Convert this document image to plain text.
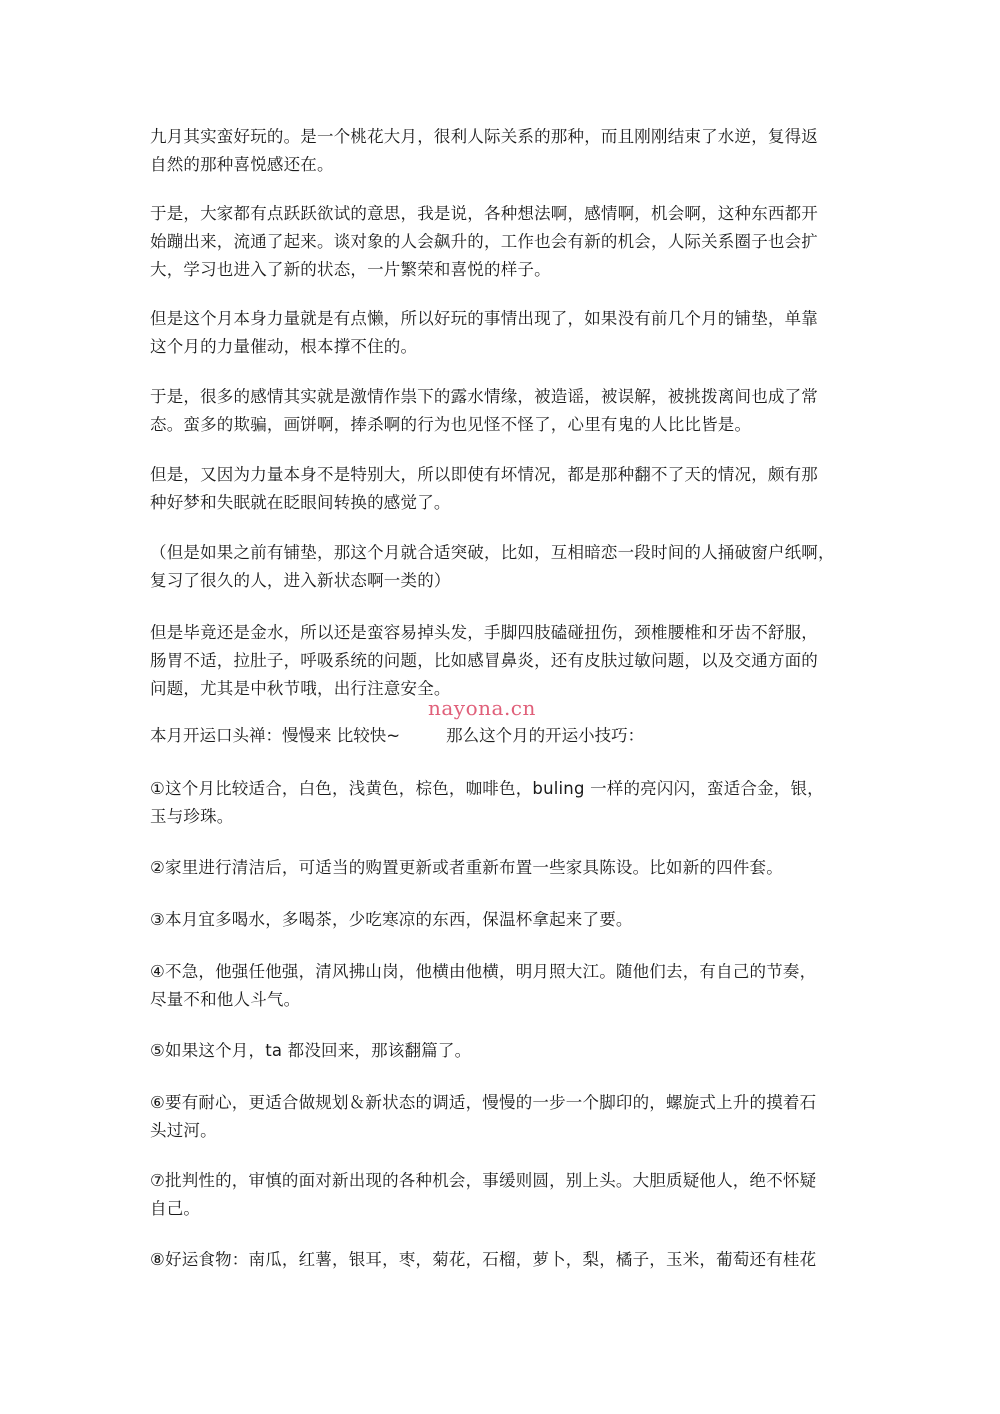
九月其实蛮好玩的。是一个桃花大月，很利人际关系的那种，而且刚刚结束了水逆，复得返
自然的那种喜悦感还在。

于是，大家都有点跃跃欲试的意思，我是说，各种想法啊，感情啊，机会啊，这种东西都开
始蹦出来，流通了起来。谈对象的人会飙升的，工作也会有新的机会，人际关系圈子也会扩
大，学习也进入了新的状态，一片繁荣和喜悦的样子。

但是这个月本身力量就是有点懒，所以好玩的事情出现了，如果没有前几个月的铺垫，单靠
这个月的力量催动，根本撑不住的。

于是，很多的感情其实就是激情作祟下的露水情缘，被造谣，被误解，被挑拨离间也成了常
态。蛮多的欺骗，画饼啊，捧杀啊的行为也见怪不怪了，心里有鬼的人比比皆是。

但是，又因为力量本身不是特别大，所以即使有坏情况，都是那种翻不了天的情况，颇有那
种好梦和失眠就在眨眼间转换的感觉了。

（但是如果之前有铺垫，那这个月就合适突破，比如，互相暗恋一段时间的人捅破窗户纸啊，
复习了很久的人，进入新状态啊一类的）

但是毕竟还是金水，所以还是蛮容易掉头发，手脚四肢磕碰扭伤，颈椎腰椎和牙齿不舒服，
肠胃不适，拉肚子，呼吸系统的问题，比如感冒鼻炎，还有皮肤过敏问题，以及交通方面的
问题，尤其是中秋节哦，出行注意安全。

nayona.cn
本月开运口头禅：慢慢来 比较快~	那么这个月的开运小技巧：

①这个月比较适合，白色，浅黄色，棕色，咖啡色，buling 一样的亮闪闪，蛮适合金，银，
玉与珍珠。

②家里进行清洁后，可适当的购置更新或者重新布置一些家具陈设。比如新的四件套。

③本月宜多喝水，多喝茶，少吃寒凉的东西，保温杯拿起来了要。

④不急，他强任他强，清风拂山岗，他横由他横，明月照大江。随他们去，有自己的节奏，
尽量不和他人斗气。

⑤如果这个月，ta 都没回来，那该翻篇了。

⑥要有耐心，更适合做规划＆新状态的调适，慢慢的一步一个脚印的，螺旋式上升的摸着石
头过河。

⑦批判性的，审慎的面对新出现的各种机会，事缓则圆，别上头。大胆质疑他人，绝不怀疑
自己。

⑧好运食物：南瓜，红薯，银耳，枣，菊花，石榴，萝卜，梨，橘子，玉米，葡萄还有桂花
